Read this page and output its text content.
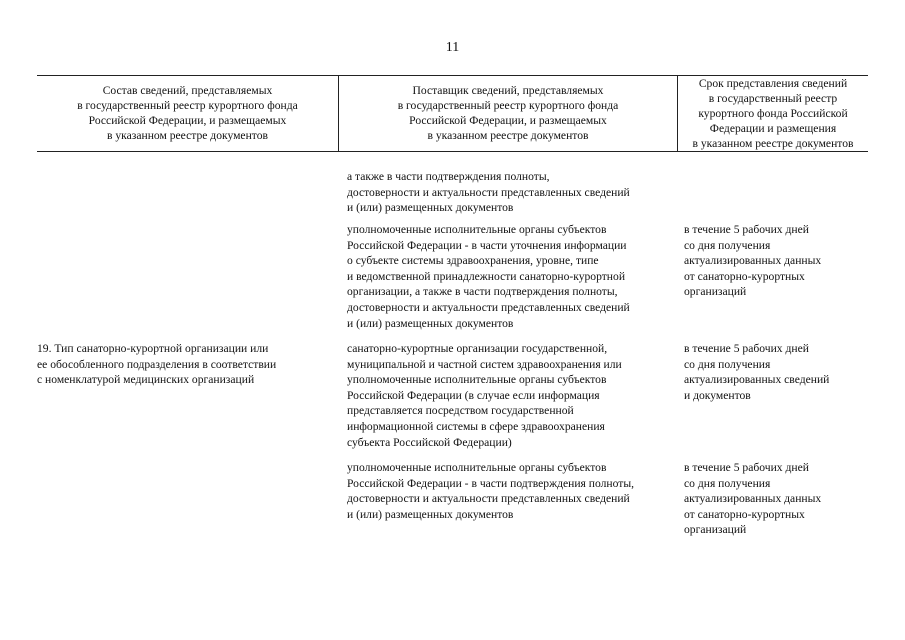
11
Состав сведений, представляемых
в государственный реестр курортного фонда
Российской Федерации, и размещаемых
в указанном реестре документов
Поставщик сведений, представляемых
в государственный реестр курортного фонда
Российской Федерации, и размещаемых
в указанном реестре документов
Срок представления сведений
в государственный реестр
курортного фонда Российской
Федерации и размещения
в указанном реестре документов
а также в части подтверждения полноты,
достоверности и актуальности представленных сведений
и (или) размещенных документов
уполномоченные исполнительные органы субъектов
Российской Федерации - в части уточнения информации
о субъекте системы здравоохранения, уровне, типе
и ведомственной принадлежности санаторно-курортной
организации, а также в части подтверждения полноты,
достоверности и актуальности представленных сведений
и (или) размещенных документов
в течение 5 рабочих дней
со дня получения
актуализированных данных
от санаторно-курортных
организаций
19. Тип санаторно-курортной организации или
ее обособленного подразделения в соответствии
с номенклатурой медицинских организаций
санаторно-курортные организации государственной,
муниципальной и частной систем здравоохранения или
уполномоченные исполнительные органы субъектов
Российской Федерации (в случае если информация
представляется посредством государственной
информационной системы в сфере здравоохранения
субъекта Российской Федерации)
в течение 5 рабочих дней
со дня получения
актуализированных сведений
и документов
уполномоченные исполнительные органы субъектов
Российской Федерации - в части подтверждения полноты,
достоверности и актуальности представленных сведений
и (или) размещенных документов
в течение 5 рабочих дней
со дня получения
актуализированных данных
от санаторно-курортных
организаций
